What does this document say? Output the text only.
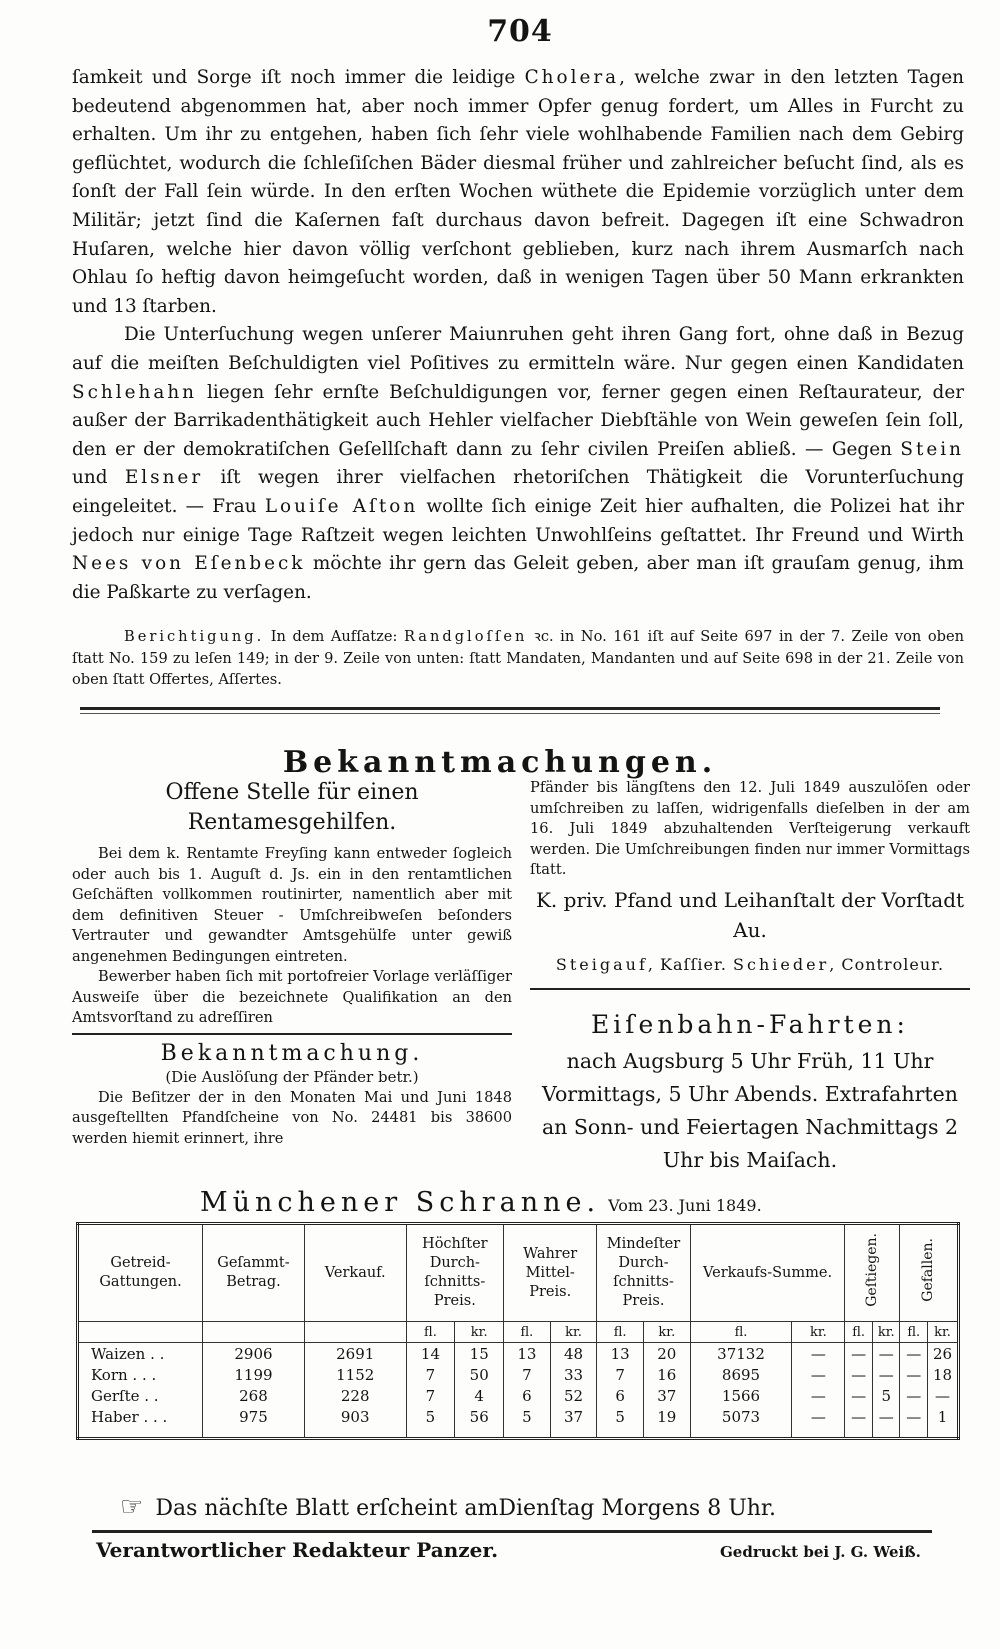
704

ſamkeit und Sorge iſt noch immer die leidige Cholera, welche zwar in den letzten Tagen bedeutend abgenommen hat, aber noch immer Opfer genug fordert, um Alles in Furcht zu erhalten. Um ihr zu entgehen, haben ſich ſehr viele wohlhabende Familien nach dem Gebirg geflüchtet, wodurch die ſchleſiſchen Bäder diesmal früher und zahlreicher beſucht ſind, als es ſonſt der Fall ſein würde. In den erſten Wochen wüthete die Epidemie vorzüglich unter dem Militär; jetzt ſind die Kaſernen faſt durchaus davon befreit. Dagegen iſt eine Schwadron Huſaren, welche hier davon völlig verſchont geblieben, kurz nach ihrem Ausmarſch nach Ohlau ſo heftig davon heimgeſucht worden, daß in wenigen Tagen über 50 Mann erkrankten und 13 ſtarben.

Die Unterſuchung wegen unſerer Maiunruhen geht ihren Gang fort, ohne daß in Bezug auf die meiſten Beſchuldigten viel Poſitives zu ermitteln wäre. Nur gegen einen Kandidaten Schlehahn liegen ſehr ernſte Beſchuldigungen vor, ferner gegen einen Reſtaurateur, der außer der Barrikadenthätigkeit auch Hehler vielfacher Diebſtähle von Wein geweſen ſein ſoll, den er der demokratiſchen Geſellſchaft dann zu ſehr civilen Preiſen abließ. — Gegen Stein und Elsner iſt wegen ihrer vielfachen rhetoriſchen Thätigkeit die Vorunterſuchung eingeleitet. — Frau Louiſe Aſton wollte ſich einige Zeit hier aufhalten, die Polizei hat ihr jedoch nur einige Tage Raſtzeit wegen leichten Unwohlſeins geſtattet. Ihr Freund und Wirth Nees von Eſenbeck möchte ihr gern das Geleit geben, aber man iſt grauſam genug, ihm die Paßkarte zu verſagen.

Berichtigung. In dem Aufſatze: Randgloſſen ꝛc. in No. 161 iſt auf Seite 697 in der 7. Zeile von oben ſtatt No. 159 zu leſen 149; in der 9. Zeile von unten: ſtatt Mandaten, Mandanten und auf Seite 698 in der 21. Zeile von oben ſtatt Offertes, Aſſertes.

Bekanntmachungen.

Offene Stelle für einen Rentamesgehilfen.

Bei dem k. Rentamte Freyſing kann entweder ſogleich oder auch bis 1. Auguſt d. Js. ein in den rentamtlichen Geſchäften vollkommen routinirter, namentlich aber mit dem definitiven Steuer - Umſchreibweſen beſonders Vertrauter und gewandter Amtsgehülfe unter gewiß angenehmen Bedingungen eintreten.

Bewerber haben ſich mit portofreier Vorlage verläſſiger Ausweiſe über die bezeichnete Qualifikation an den Amtsvorſtand zu adreſſiren

Bekanntmachung.

(Die Auslöſung der Pfänder betr.)

Die Beſitzer der in den Monaten Mai und Juni 1848 ausgeſtellten Pfandſcheine von No. 24481 bis 38600 werden hiemit erinnert, ihre

Pfänder bis längſtens den 12. Juli 1849 auszulöſen oder umſchreiben zu laſſen, widrigenfalls dieſelben in der am 16. Juli 1849 abzuhaltenden Verſteigerung verkauft werden. Die Umſchreibungen finden nur immer Vormittags ſtatt.

K. priv. Pfand und Leihanſtalt der Vorſtadt Au.

Steigauf, Kaſſier. Schieder, Controleur.

Eiſenbahn-Fahrten:

nach Augsburg 5 Uhr Früh, 11 Uhr Vormittags, 5 Uhr Abends. Extrafahrten an Sonn- und Feiertagen Nachmittags 2 Uhr bis Maiſach.

Münchener Schranne. Vom 23. Juni 1849.
Getreid-Gattungen.	Geſammt-Betrag.	Verkauf.	Höchſter Durch-ſchnitts-Preis.		Wahrer Mittel-Preis.		Mindeſter Durch-ſchnitts-Preis.		Verkaufs-Summe.		Geſtiegen.		Gefallen.	
			fl.	kr.	fl.	kr.	fl.	kr.	fl.	kr.	fl.	kr.	fl.	kr.
Waizen . .	2906	2691	14	15	13	48	13	20	37132	—	—	—	—	26
Korn . . .	1199	1152	7	50	7	33	7	16	8695	—	—	—	—	18
Gerſte . .	268	228	7	4	6	52	6	37	1566	—	—	5	—	—
Haber . . .	975	903	5	56	5	37	5	19	5073	—	—	—	—	1
☞ Das nächſte Blatt erſcheint amDienſtag Morgens 8 Uhr.
Verantwortlicher Redakteur Panzer.	Gedruckt bei J. G. Weiß.
